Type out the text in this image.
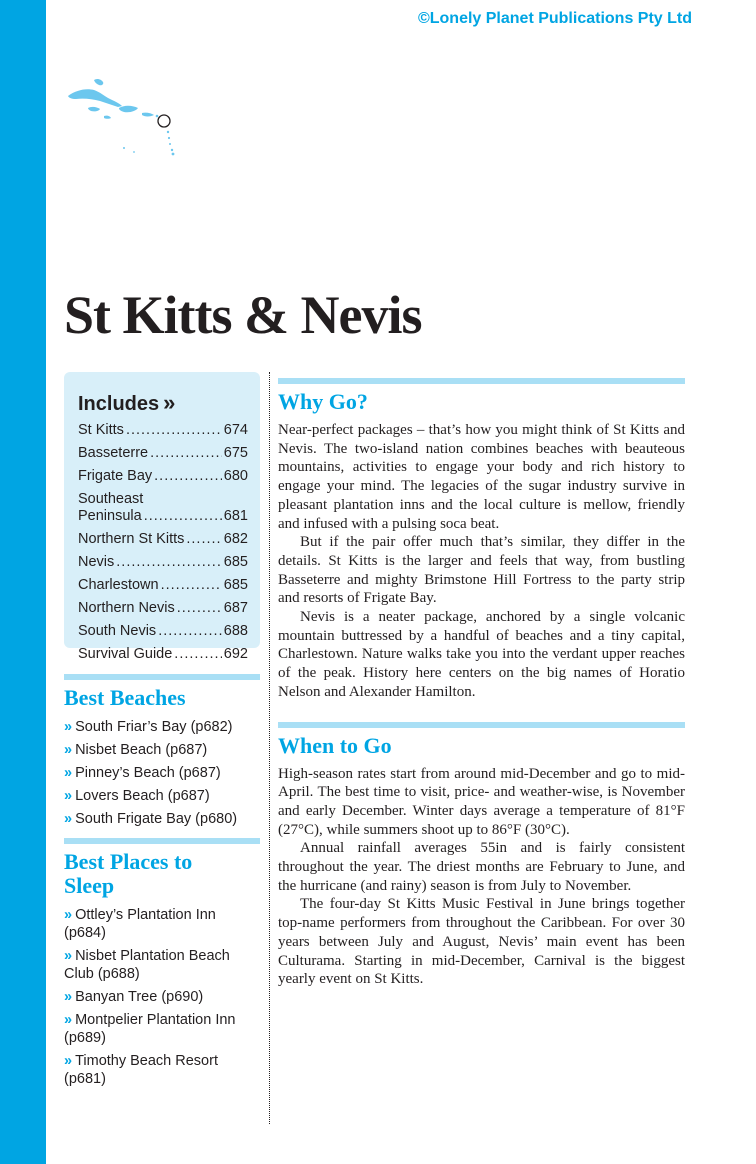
©Lonely Planet Publications Pty Ltd
St Kitts & Nevis
Includes »
St Kitts .....	674
Basseterre .....	675
Frigate Bay .....	680
Southeast
Peninsula .....	681
Northern St Kitts .....	682
Nevis .....	685
Charlestown .....	685
Northern Nevis .....	687
South Nevis .....	688
Survival Guide .....	692
Best Beaches
» South Friar’s Bay (p682)
» Nisbet Beach (p687)
» Pinney’s Beach (p687)
» Lovers Beach (p687)
» South Frigate Bay (p680)
Best Places to Sleep
» Ottley’s Plantation Inn (p684)
» Nisbet Plantation Beach Club (p688)
» Banyan Tree (p690)
» Montpelier Plantation Inn (p689)
» Timothy Beach Resort (p681)
Why Go?

Near-perfect packages – that’s how you might think of St Kitts and Nevis. The two-island nation combines beaches with beauteous mountains, activities to engage your body and rich history to engage your mind. The legacies of the sugar industry survive in pleasant plantation inns and the local culture is mellow, friendly and infused with a pulsing soca beat.

But if the pair offer much that’s similar, they differ in the details. St Kitts is the larger and feels that way, from bustling Basseterre and mighty Brimstone Hill Fortress to the party strip and resorts of Frigate Bay.

Nevis is a neater package, anchored by a single volcanic mountain buttressed by a handful of beaches and a tiny capital, Charlestown. Nature walks take you into the verdant upper reaches of the peak. History here centers on the big names of Horatio Nelson and Alexander Hamilton.

When to Go

High-season rates start from around mid-December and go to mid-April. The best time to visit, price- and weather-wise, is November and early December. Winter days average a temperature of 81°F (27°C), while summers shoot up to 86°F (30°C).

Annual rainfall averages 55in and is fairly consistent throughout the year. The driest months are February to June, and the hurricane (and rainy) season is from July to November.

The four-day St Kitts Music Festival in June brings together top-name performers from throughout the Caribbean. For over 30 years between July and August, Nevis’ main event has been Culturama. Starting in mid-December, Carnival is the biggest yearly event on St Kitts.
